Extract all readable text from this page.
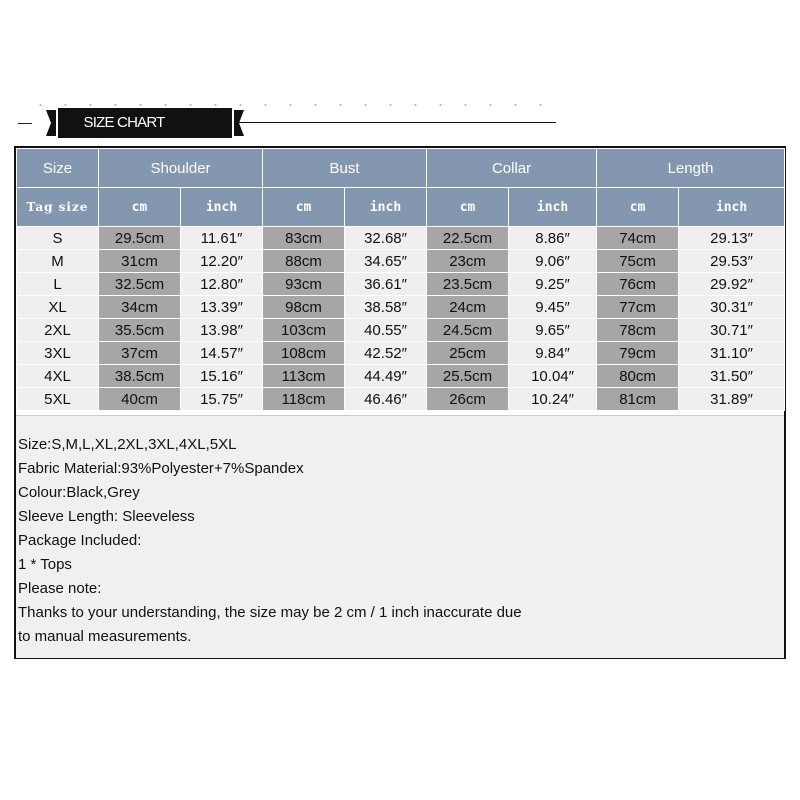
SIZE CHART
Size	Shoulder		Bust		Collar		Length	
Tag size	cm	inch	cm	inch	cm	inch	cm	inch
S	29.5cm	11.61″	83cm	32.68″	22.5cm	8.86″	74cm	29.13″
M	31cm	12.20″	88cm	34.65″	23cm	9.06″	75cm	29.53″
L	32.5cm	12.80″	93cm	36.61″	23.5cm	9.25″	76cm	29.92″
XL	34cm	13.39″	98cm	38.58″	24cm	9.45″	77cm	30.31″
2XL	35.5cm	13.98″	103cm	40.55″	24.5cm	9.65″	78cm	30.71″
3XL	37cm	14.57″	108cm	42.52″	25cm	9.84″	79cm	31.10″
4XL	38.5cm	15.16″	113cm	44.49″	25.5cm	10.04″	80cm	31.50″
5XL	40cm	15.75″	118cm	46.46″	26cm	10.24″	81cm	31.89″
Size:S,M,L,XL,2XL,3XL,4XL,5XL
Fabric Material:93%Polyester+7%Spandex
Colour:Black,Grey
Sleeve Length: Sleeveless
Package Included:
1 * Tops
Please note:
Thanks to your understanding, the size may be 2 cm / 1 inch inaccurate due
to manual measurements.
